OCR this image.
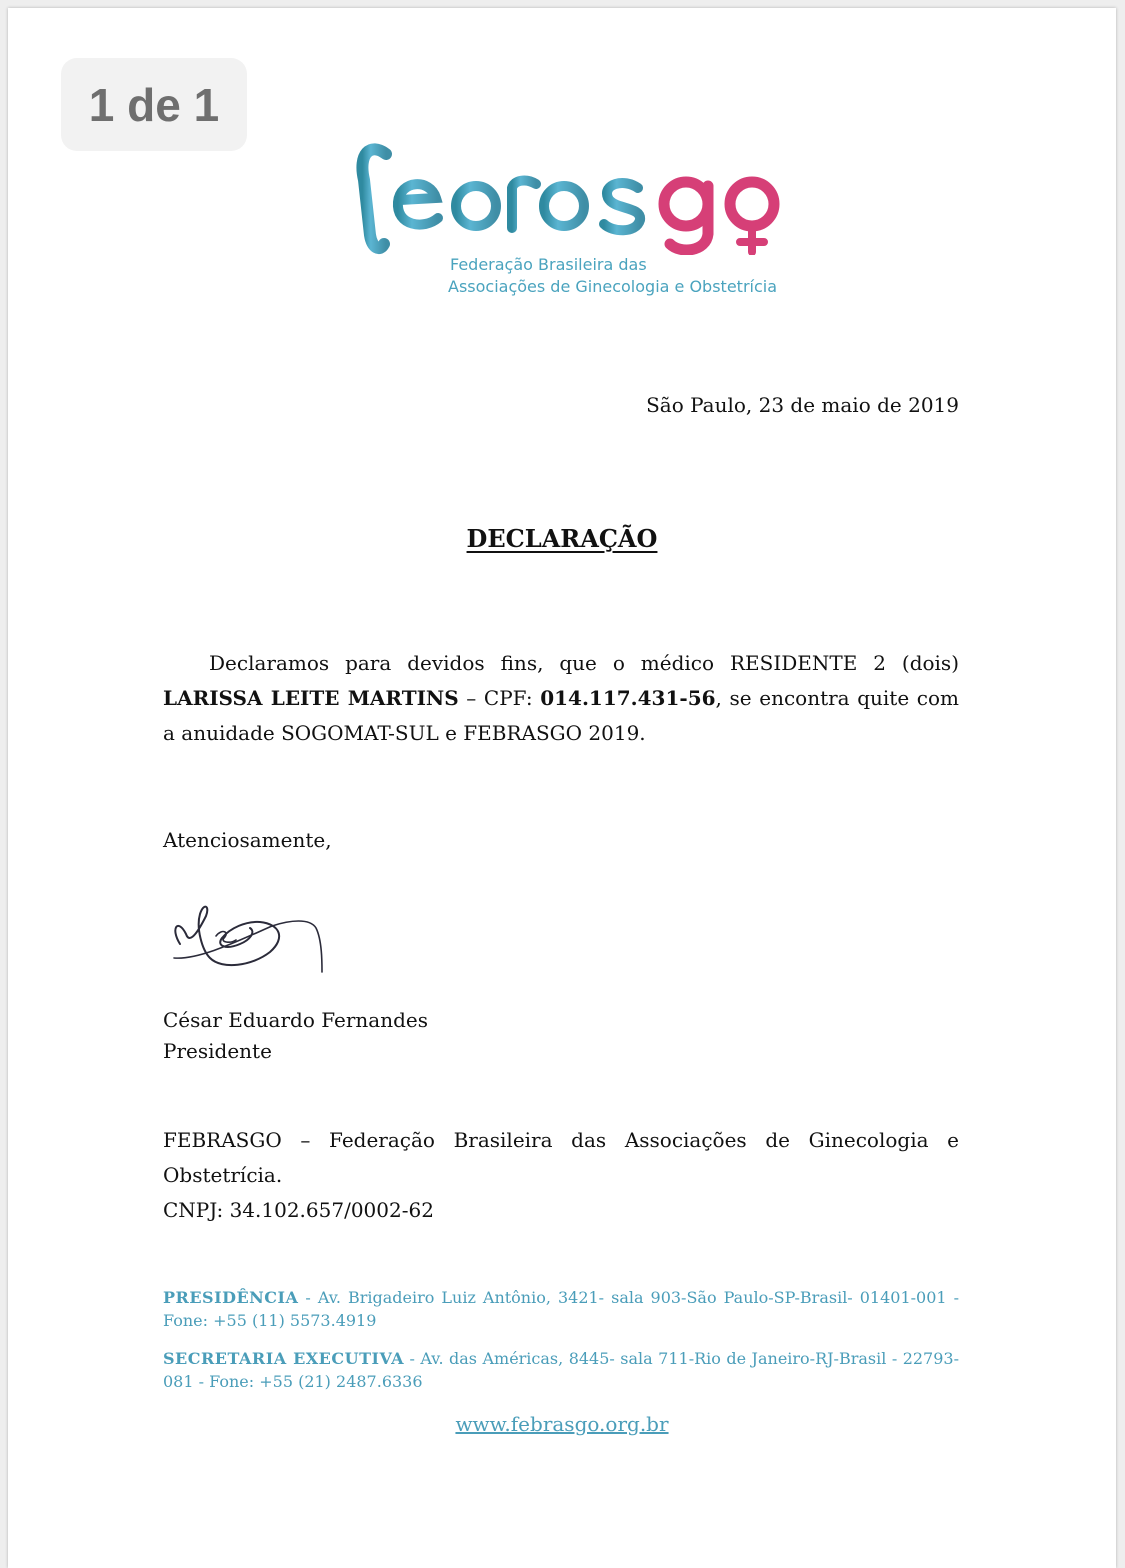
1 de 1
Federação Brasileira das
Associações de Ginecologia e Obstetrícia
São Paulo, 23 de maio de 2019
DECLARAÇÃO
Declaramos para devidos fins, que o médico RESIDENTE 2 (dois) LARISSA LEITE MARTINS – CPF: 014.117.431-56, se encontra quite com a anuidade SOGOMAT-SUL e FEBRASGO 2019.
Atenciosamente,
César Eduardo Fernandes
Presidente
FEBRASGO – Federação Brasileira das Associações de Ginecologia e Obstetrícia.
CNPJ: 34.102.657/0002-62
PRESIDÊNCIA - Av. Brigadeiro Luiz Antônio, 3421- sala 903-São Paulo-SP-Brasil- 01401-001 - Fone: +55 (11) 5573.4919
SECRETARIA EXECUTIVA - Av. das Américas, 8445- sala 711-Rio de Janeiro-RJ-Brasil - 22793-081 - Fone: +55 (21) 2487.6336
www.febrasgo.org.br
